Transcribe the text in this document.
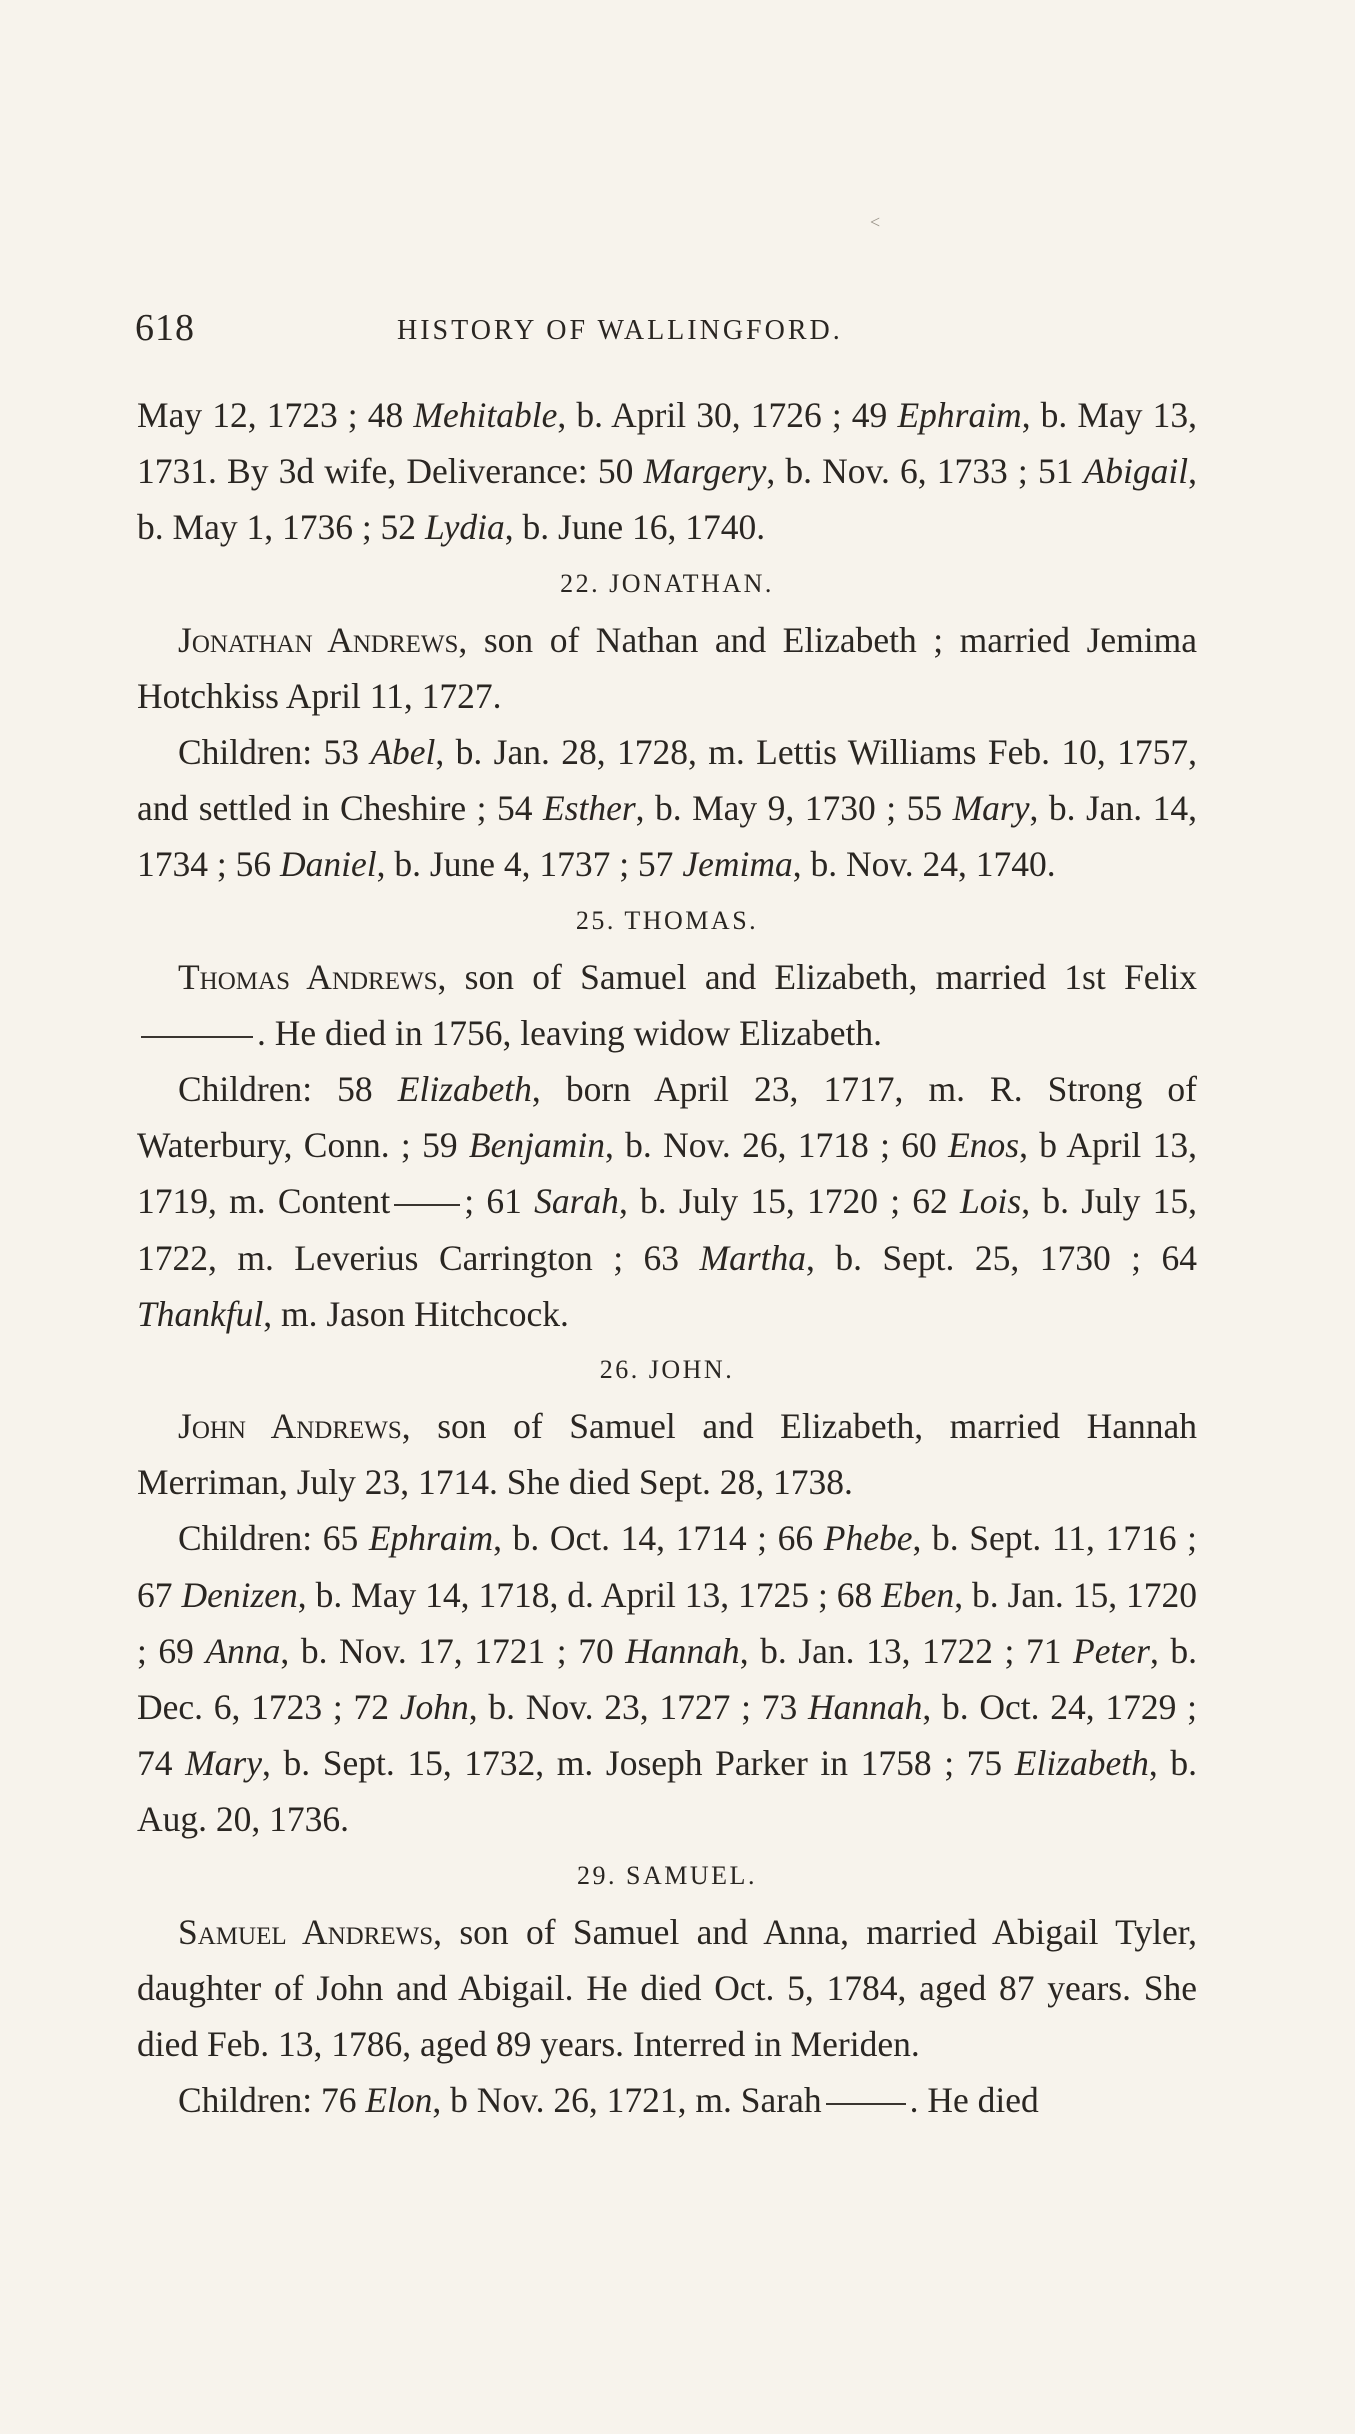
˂
618	HISTORY OF WALLINGFORD.

May 12, 1723 ; 48 Mehitable, b. April 30, 1726 ; 49 Ephraim, b. May 13, 1731. By 3d wife, Deliverance: 50 Margery, b. Nov. 6, 1733 ; 51 Abigail, b. May 1, 1736 ; 52 Lydia, b. June 16, 1740.

22. JONATHAN.

Jonathan Andrews, son of Nathan and Elizabeth ; married Jemima Hotchkiss April 11, 1727.

Children: 53 Abel, b. Jan. 28, 1728, m. Lettis Williams Feb. 10, 1757, and settled in Cheshire ; 54 Esther, b. May 9, 1730 ; 55 Mary, b. Jan. 14, 1734 ; 56 Daniel, b. June 4, 1737 ; 57 Jemima, b. Nov. 24, 1740.

25. THOMAS.

Thomas Andrews, son of Samuel and Elizabeth, married 1st Felix. He died in 1756, leaving widow Elizabeth.

Children: 58 Elizabeth, born April 23, 1717, m. R. Strong of Waterbury, Conn. ; 59 Benjamin, b. Nov. 26, 1718 ; 60 Enos, b April 13, 1719, m. Content ; 61 Sarah, b. July 15, 1720 ; 62 Lois, b. July 15, 1722, m. Leverius Carrington ; 63 Martha, b. Sept. 25, 1730 ; 64 Thankful, m. Jason Hitchcock.

26. JOHN.

John Andrews, son of Samuel and Elizabeth, married Hannah Merriman, July 23, 1714. She died Sept. 28, 1738.

Children: 65 Ephraim, b. Oct. 14, 1714 ; 66 Phebe, b. Sept. 11, 1716 ; 67 Denizen, b. May 14, 1718, d. April 13, 1725 ; 68 Eben, b. Jan. 15, 1720 ; 69 Anna, b. Nov. 17, 1721 ; 70 Hannah, b. Jan. 13, 1722 ; 71 Peter, b. Dec. 6, 1723 ; 72 John, b. Nov. 23, 1727 ; 73 Hannah, b. Oct. 24, 1729 ; 74 Mary, b. Sept. 15, 1732, m. Joseph Parker in 1758 ; 75 Elizabeth, b. Aug. 20, 1736.

29. SAMUEL.

Samuel Andrews, son of Samuel and Anna, married Abigail Tyler, daughter of John and Abigail. He died Oct. 5, 1784, aged 87 years. She died Feb. 13, 1786, aged 89 years. Interred in Meriden.

Children: 76 Elon, b Nov. 26, 1721, m. Sarah . He died
